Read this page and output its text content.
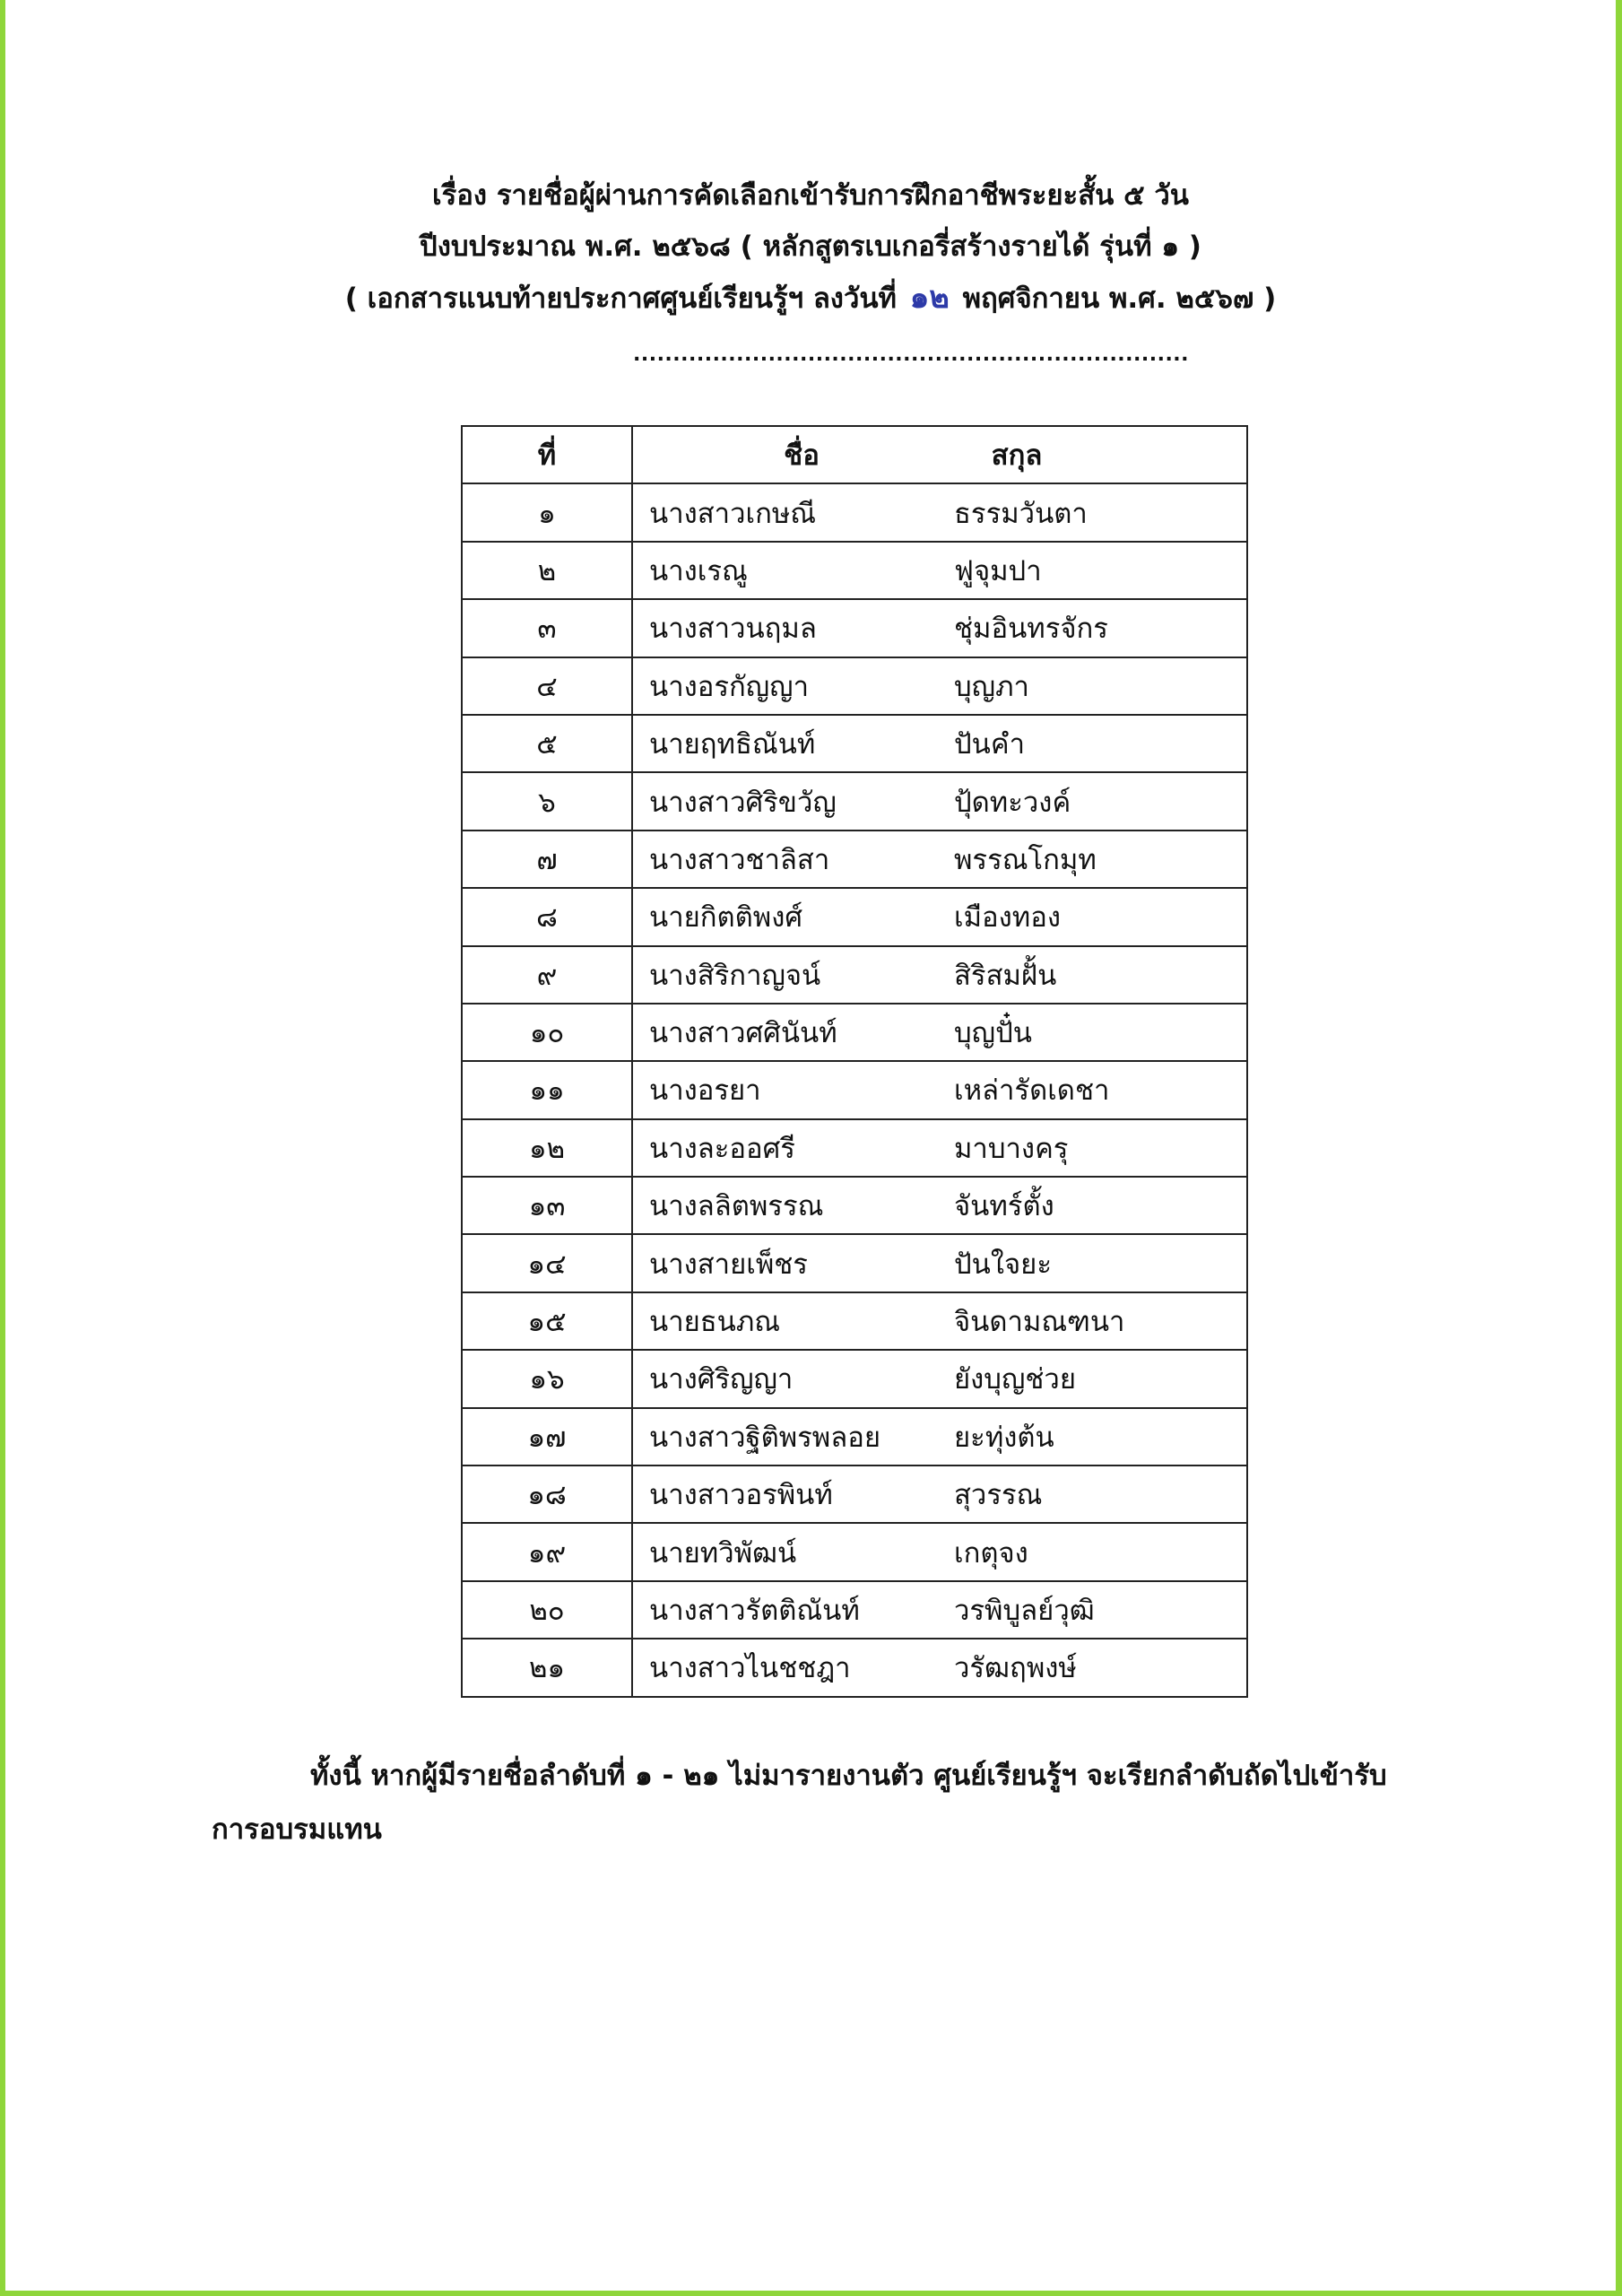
เรื่อง รายชื่อผู้ผ่านการคัดเลือกเข้ารับการฝึกอาชีพระยะสั้น ๕ วัน
ปีงบประมาณ พ.ศ. ๒๕๖๘ ( หลักสูตรเบเกอรี่สร้างรายได้ รุ่นที่ ๑ )
( เอกสารแนบท้ายประกาศศูนย์เรียนรู้ฯ ลงวันที่ ๑๒ พฤศจิกายน พ.ศ. ๒๕๖๗ )
......................................................................
ที่	ชื่อ สกุล
๑	นางสาวเกษณี ธรรมวันตา
๒	นางเรณู ฟูจุมปา
๓	นางสาวนฤมล ชุ่มอินทรจักร
๔	นางอรกัญญา บุญภา
๕	นายฤทธิณันท์ ปันคำ
๖	นางสาวศิริขวัญ ปุ้ดทะวงค์
๗	นางสาวชาลิสา พรรณโกมุท
๘	นายกิตติพงศ์ เมืองทอง
๙	นางสิริกาญจน์ สิริสมฝั้น
๑๐	นางสาวศศินันท์ บุญปั๋น
๑๑	นางอรยา เหล่ารัดเดชา
๑๒	นางละออศรี มาบางครุ
๑๓	นางลลิตพรรณ จันทร์ตั้ง
๑๔	นางสายเพ็ชร ปันใจยะ
๑๕	นายธนภณ จินดามณฑนา
๑๖	นางศิริญญา ยังบุญช่วย
๑๗	นางสาวฐิติพรพลอย ยะทุ่งต้น
๑๘	นางสาวอรพินท์ สุวรรณ
๑๙	นายทวิพัฒน์ เกตุจง
๒๐	นางสาวรัตติณันท์ วรพิบูลย์วุฒิ
๒๑	นางสาวไนชชฎา วรัฒฤพงษ์
ทั้งนี้ หากผู้มีรายชื่อลำดับที่ ๑ - ๒๑ ไม่มารายงานตัว ศูนย์เรียนรู้ฯ จะเรียกลำดับถัดไปเข้ารับ
การอบรมแทน
